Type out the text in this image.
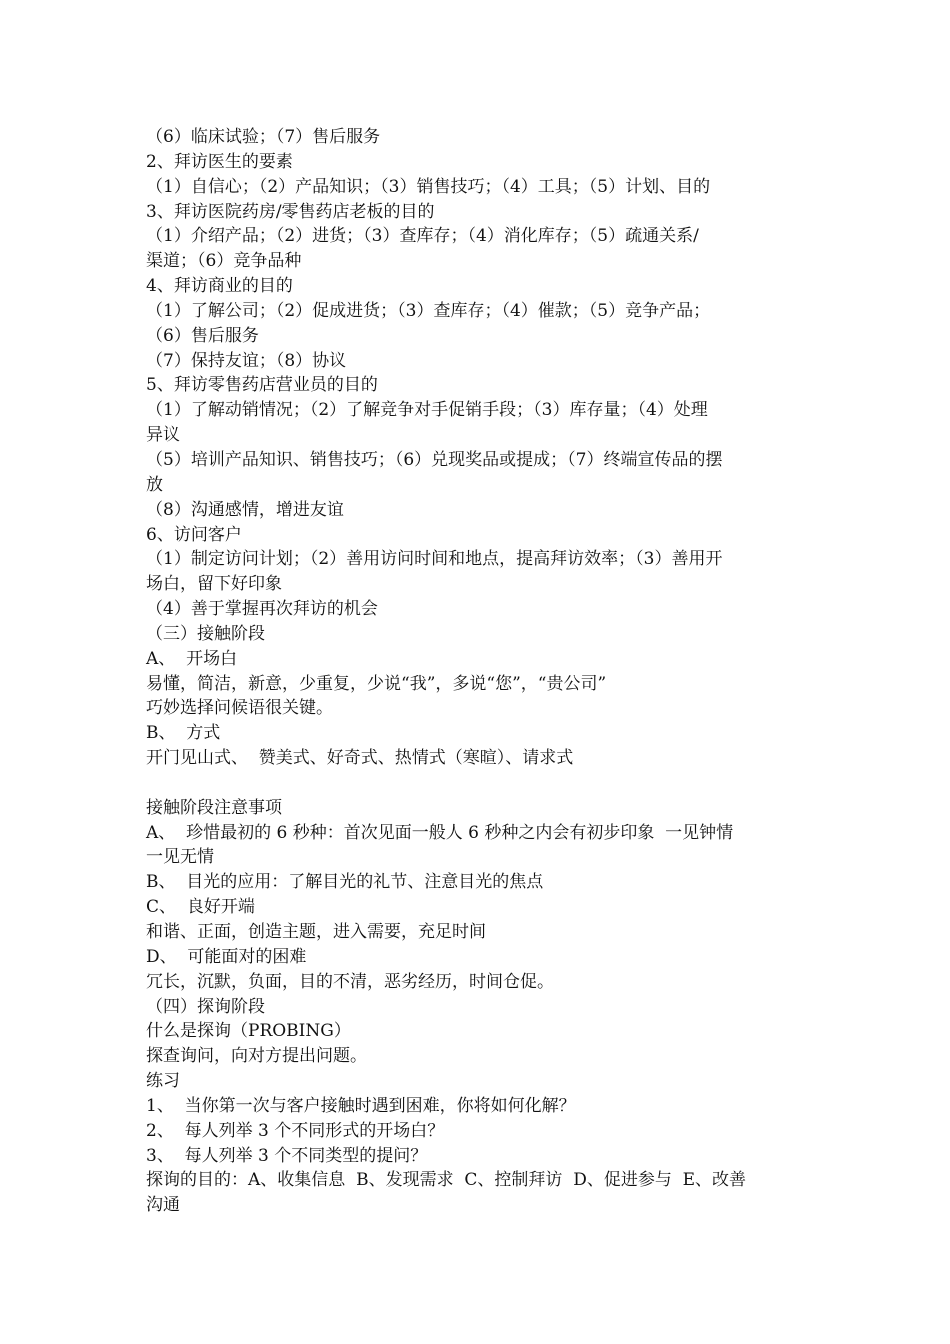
（6）临床试验；（7）售后服务
2、拜访医生的要素
（1）自信心；（2）产品知识；（3）销售技巧；（4）工具；（5）计划、目的
3、拜访医院药房/零售药店老板的目的
（1）介绍产品；（2）进货；（3）查库存；（4）消化库存；（5）疏通关系/
渠道；（6）竞争品种
4、拜访商业的目的
（1）了解公司；（2）促成进货；（3）查库存；（4）催款；（5）竞争产品；
（6）售后服务
（7）保持友谊；（8）协议
5、拜访零售药店营业员的目的
（1）了解动销情况；（2）了解竞争对手促销手段；（3）库存量；（4）处理
异议
（5）培训产品知识、销售技巧；（6）兑现奖品或提成；（7）终端宣传品的摆
放
（8）沟通感情，增进友谊
6、访问客户
（1）制定访问计划；（2）善用访问时间和地点，提高拜访效率；（3）善用开
场白，留下好印象
（4）善于掌握再次拜访的机会
（三）接触阶段
A、  开场白
易懂，简洁，新意，少重复，少说“我”，多说“您”，“贵公司”
巧妙选择问候语很关键。
B、  方式
开门见山式、  赞美式、好奇式、热情式（寒暄）、请求式
接触阶段注意事项
A、  珍惜最初的 6 秒种：首次见面一般人 6 秒种之内会有初步印象  一见钟情
一见无情
B、  目光的应用：了解目光的礼节、注意目光的焦点
C、  良好开端
和谐、正面，创造主题，进入需要，充足时间
D、  可能面对的困难
冗长，沉默，负面，目的不清，恶劣经历，时间仓促。
（四）探询阶段
什么是探询（PROBING）
探查询问，向对方提出问题。
练习
1、  当你第一次与客户接触时遇到困难，你将如何化解？
2、  每人列举 3 个不同形式的开场白？
3、  每人列举 3 个不同类型的提问？
探询的目的：A、收集信息  B、发现需求  C、控制拜访  D、促进参与  E、改善
沟通
